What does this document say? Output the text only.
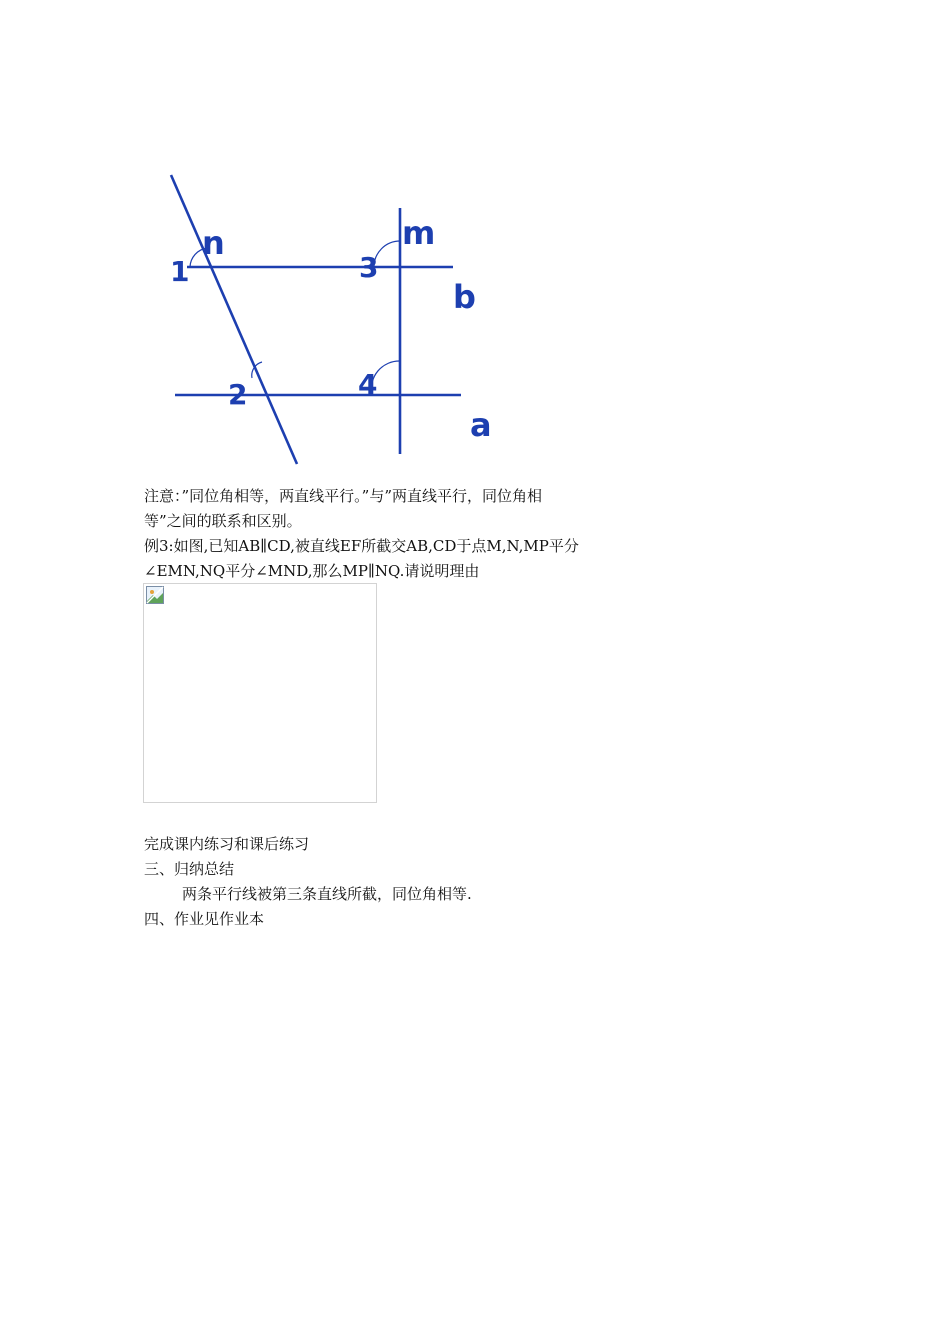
1
n
3
m
b
2	4
a
注意：”同位角相等，两直线平行。”与”两直线平行，同位角相
等”之间的联系和区别。
例3:如图,已知AB∥CD,被直线EF所截交AB,CD于点M,N,MP平分
∠EMN,NQ平分∠MND,那么MP∥NQ.请说明理由
完成课内练习和课后练习
三、归纳总结
两条平行线被第三条直线所截，同位角相等.
四、作业见作业本
